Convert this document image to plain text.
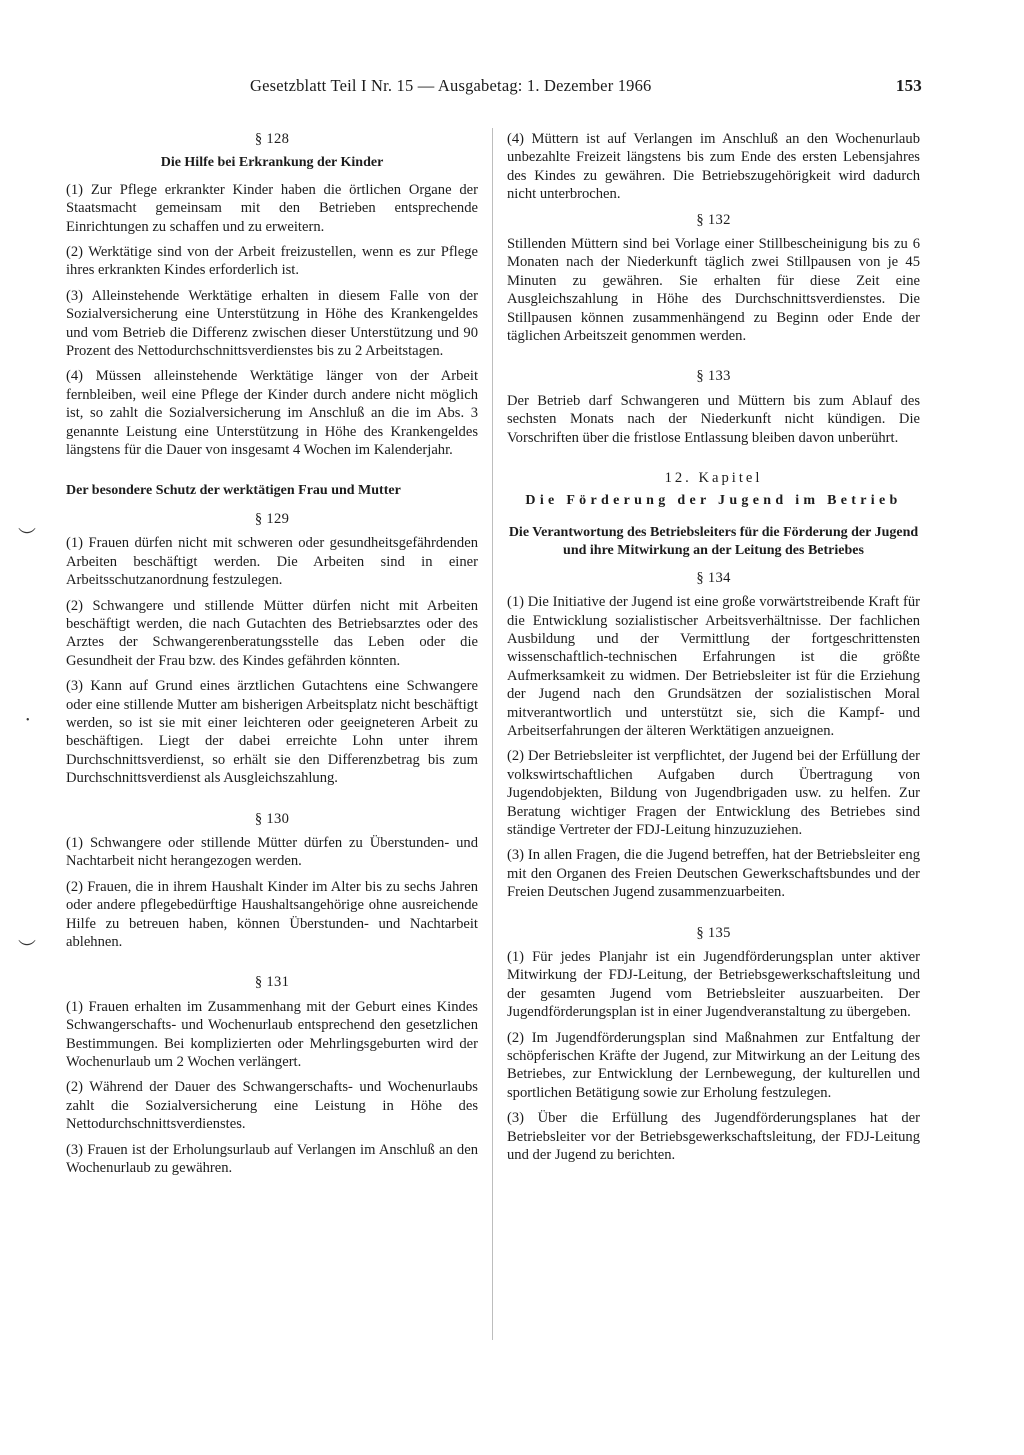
Gesetzblatt Teil I Nr. 15 — Ausgabetag: 1. Dezember 1966	153
︶
•
︶
§ 128
Die Hilfe bei Erkrankung der Kinder

(1) Zur Pflege erkrankter Kinder haben die örtlichen Organe der Staatsmacht gemeinsam mit den Betrieben entsprechende Einrichtungen zu schaffen und zu erweitern.

(2) Werktätige sind von der Arbeit freizustellen, wenn es zur Pflege ihres erkrankten Kindes erforderlich ist.

(3) Alleinstehende Werktätige erhalten in diesem Falle von der Sozialversicherung eine Unterstützung in Höhe des Krankengeldes und vom Betrieb die Differenz zwischen dieser Unterstützung und 90 Prozent des Nettodurchschnittsverdienstes bis zu 2 Arbeitstagen.

(4) Müssen alleinstehende Werktätige länger von der Arbeit fernbleiben, weil eine Pflege der Kinder durch andere nicht möglich ist, so zahlt die Sozialversicherung im Anschluß an die im Abs. 3 genannte Leistung eine Unterstützung in Höhe des Krankengeldes längstens für die Dauer von insgesamt 4 Wochen im Kalenderjahr.

Der besondere Schutz der werktätigen Frau und Mutter
§ 129

(1) Frauen dürfen nicht mit schweren oder gesundheitsgefährdenden Arbeiten beschäftigt werden. Die Arbeiten sind in einer Arbeitsschutzanordnung festzulegen.

(2) Schwangere und stillende Mütter dürfen nicht mit Arbeiten beschäftigt werden, die nach Gutachten des Betriebsarztes oder des Arztes der Schwangerenberatungsstelle das Leben oder die Gesundheit der Frau bzw. des Kindes gefährden könnten.

(3) Kann auf Grund eines ärztlichen Gutachtens eine Schwangere oder eine stillende Mutter am bisherigen Arbeitsplatz nicht beschäftigt werden, so ist sie mit einer leichteren oder geeigneteren Arbeit zu beschäftigen. Liegt der dabei erreichte Lohn unter ihrem Durchschnittsverdienst, so erhält sie den Differenzbetrag bis zum Durchschnittsverdienst als Ausgleichszahlung.

§ 130

(1) Schwangere oder stillende Mütter dürfen zu Überstunden- und Nachtarbeit nicht herangezogen werden.

(2) Frauen, die in ihrem Haushalt Kinder im Alter bis zu sechs Jahren oder andere pflegebedürftige Haushaltsangehörige ohne ausreichende Hilfe zu betreuen haben, können Überstunden- und Nachtarbeit ablehnen.

§ 131

(1) Frauen erhalten im Zusammenhang mit der Geburt eines Kindes Schwangerschafts- und Wochenurlaub entsprechend den gesetzlichen Bestimmungen. Bei komplizierten oder Mehrlingsgeburten wird der Wochenurlaub um 2 Wochen verlängert.

(2) Während der Dauer des Schwangerschafts- und Wochenurlaubs zahlt die Sozialversicherung eine Leistung in Höhe des Nettodurchschnittsverdienstes.

(3) Frauen ist der Erholungsurlaub auf Verlangen im Anschluß an den Wochenurlaub zu gewähren.

(4) Müttern ist auf Verlangen im Anschluß an den Wochenurlaub unbezahlte Freizeit längstens bis zum Ende des ersten Lebensjahres des Kindes zu gewähren. Die Betriebszugehörigkeit wird dadurch nicht unterbrochen.

§ 132

Stillenden Müttern sind bei Vorlage einer Stillbescheinigung bis zu 6 Monaten nach der Niederkunft täglich zwei Stillpausen von je 45 Minuten zu gewähren. Sie erhalten für diese Zeit eine Ausgleichszahlung in Höhe des Durchschnittsverdienstes. Die Stillpausen können zusammenhängend zu Beginn oder Ende der täglichen Arbeitszeit genommen werden.

§ 133

Der Betrieb darf Schwangeren und Müttern bis zum Ablauf des sechsten Monats nach der Niederkunft nicht kündigen. Die Vorschriften über die fristlose Entlassung bleiben davon unberührt.

12. Kapitel
Die Förderung der Jugend im Betrieb
Die Verantwortung des Betriebsleiters für die Förderung der Jugend und ihre Mitwirkung an der Leitung des Betriebes
§ 134

(1) Die Initiative der Jugend ist eine große vorwärtstreibende Kraft für die Entwicklung sozialistischer Arbeitsverhältnisse. Der fachlichen Ausbildung und der Vermittlung der fortgeschrittensten wissenschaftlich-technischen Erfahrungen ist die größte Aufmerksamkeit zu widmen. Der Betriebsleiter ist für die Erziehung der Jugend nach den Grundsätzen der sozialistischen Moral mitverantwortlich und unterstützt sie, sich die Kampf- und Arbeitserfahrungen der älteren Werktätigen anzueignen.

(2) Der Betriebsleiter ist verpflichtet, der Jugend bei der Erfüllung der volkswirtschaftlichen Aufgaben durch Übertragung von Jugendobjekten, Bildung von Jugendbrigaden usw. zu helfen. Zur Beratung wichtiger Fragen der Entwicklung des Betriebes sind ständige Vertreter der FDJ-Leitung hinzuzuziehen.

(3) In allen Fragen, die die Jugend betreffen, hat der Betriebsleiter eng mit den Organen des Freien Deutschen Gewerkschaftsbundes und der Freien Deutschen Jugend zusammenzuarbeiten.

§ 135

(1) Für jedes Planjahr ist ein Jugendförderungsplan unter aktiver Mitwirkung der FDJ-Leitung, der Betriebsgewerkschaftsleitung und der gesamten Jugend vom Betriebsleiter auszuarbeiten. Der Jugendförderungsplan ist in einer Jugendveranstaltung zu übergeben.

(2) Im Jugendförderungsplan sind Maßnahmen zur Entfaltung der schöpferischen Kräfte der Jugend, zur Mitwirkung an der Leitung des Betriebes, zur Entwicklung der Lernbewegung, der kulturellen und sportlichen Betätigung sowie zur Erholung festzulegen.

(3) Über die Erfüllung des Jugendförderungsplanes hat der Betriebsleiter vor der Betriebsgewerkschaftsleitung, der FDJ-Leitung und der Jugend zu berichten.
